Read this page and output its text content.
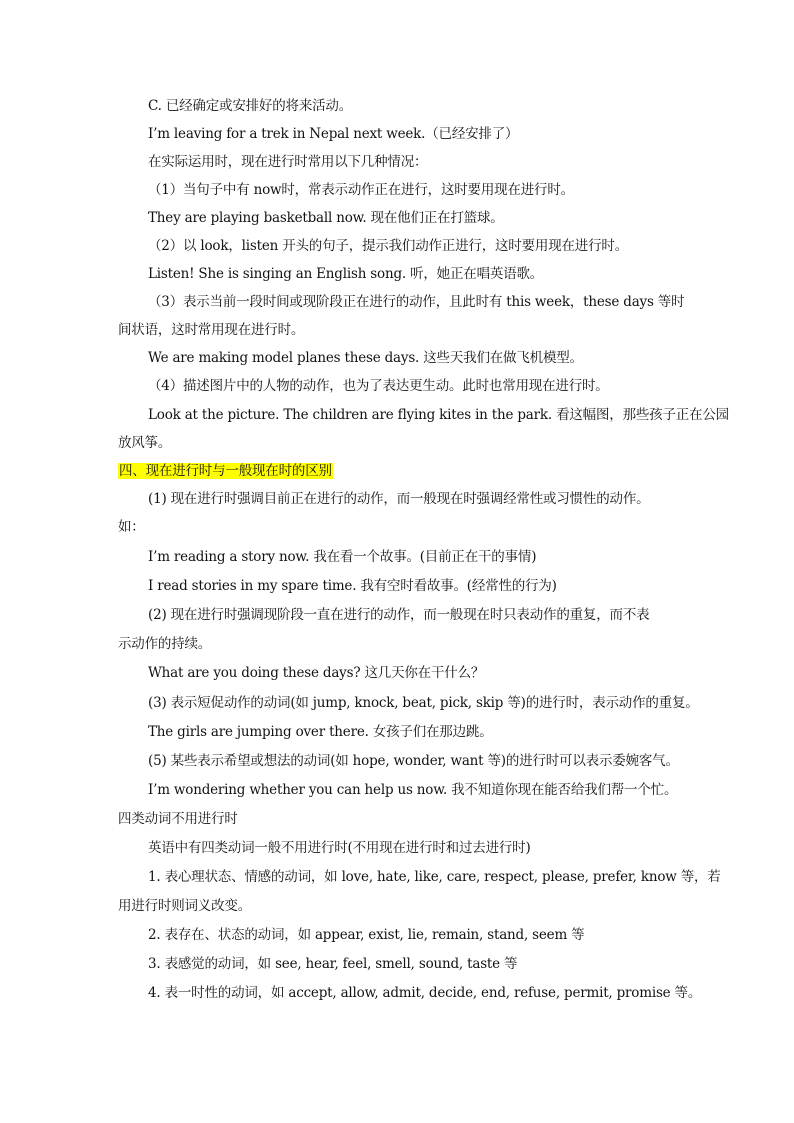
C. 已经确定或安排好的将来活动。
I’m leaving for a trek in Nepal next week.（已经安排了）
在实际运用时，现在进行时常用以下几种情况：
（1）当句子中有 now时，常表示动作正在进行，这时要用现在进行时。
They are playing basketball now. 现在他们正在打篮球。
（2）以 look，listen 开头的句子，提示我们动作正进行，这时要用现在进行时。
Listen! She is singing an English song. 听，她正在唱英语歌。
（3）表示当前一段时间或现阶段正在进行的动作，且此时有 this week，these days 等时
间状语，这时常用现在进行时。
We are making model planes these days. 这些天我们在做飞机模型。
（4）描述图片中的人物的动作，也为了表达更生动。此时也常用现在进行时。
Look at the picture. The children are flying kites in the park. 看这幅图，那些孩子正在公园
放风筝。
四、现在进行时与一般现在时的区别
(1) 现在进行时强调目前正在进行的动作，而一般现在时强调经常性或习惯性的动作。
如：
I’m reading a story now. 我在看一个故事。(目前正在干的事情)
I read stories in my spare time. 我有空时看故事。(经常性的行为)
(2) 现在进行时强调现阶段一直在进行的动作，而一般现在时只表动作的重复，而不表
示动作的持续。
What are you doing these days? 这几天你在干什么？
(3) 表示短促动作的动词(如 jump, knock, beat, pick, skip 等)的进行时，表示动作的重复。
The girls are jumping over there. 女孩子们在那边跳。
(5) 某些表示希望或想法的动词(如 hope, wonder, want 等)的进行时可以表示委婉客气。
I’m wondering whether you can help us now. 我不知道你现在能否给我们帮一个忙。
四类动词不用进行时
英语中有四类动词一般不用进行时(不用现在进行时和过去进行时)
1. 表心理状态、情感的动词，如 love, hate, like, care, respect, please, prefer, know 等，若
用进行时则词义改变。
2. 表存在、状态的动词，如 appear, exist, lie, remain, stand, seem 等
3. 表感觉的动词，如 see, hear, feel, smell, sound, taste 等
4. 表一时性的动词，如 accept, allow, admit, decide, end, refuse, permit, promise 等。
